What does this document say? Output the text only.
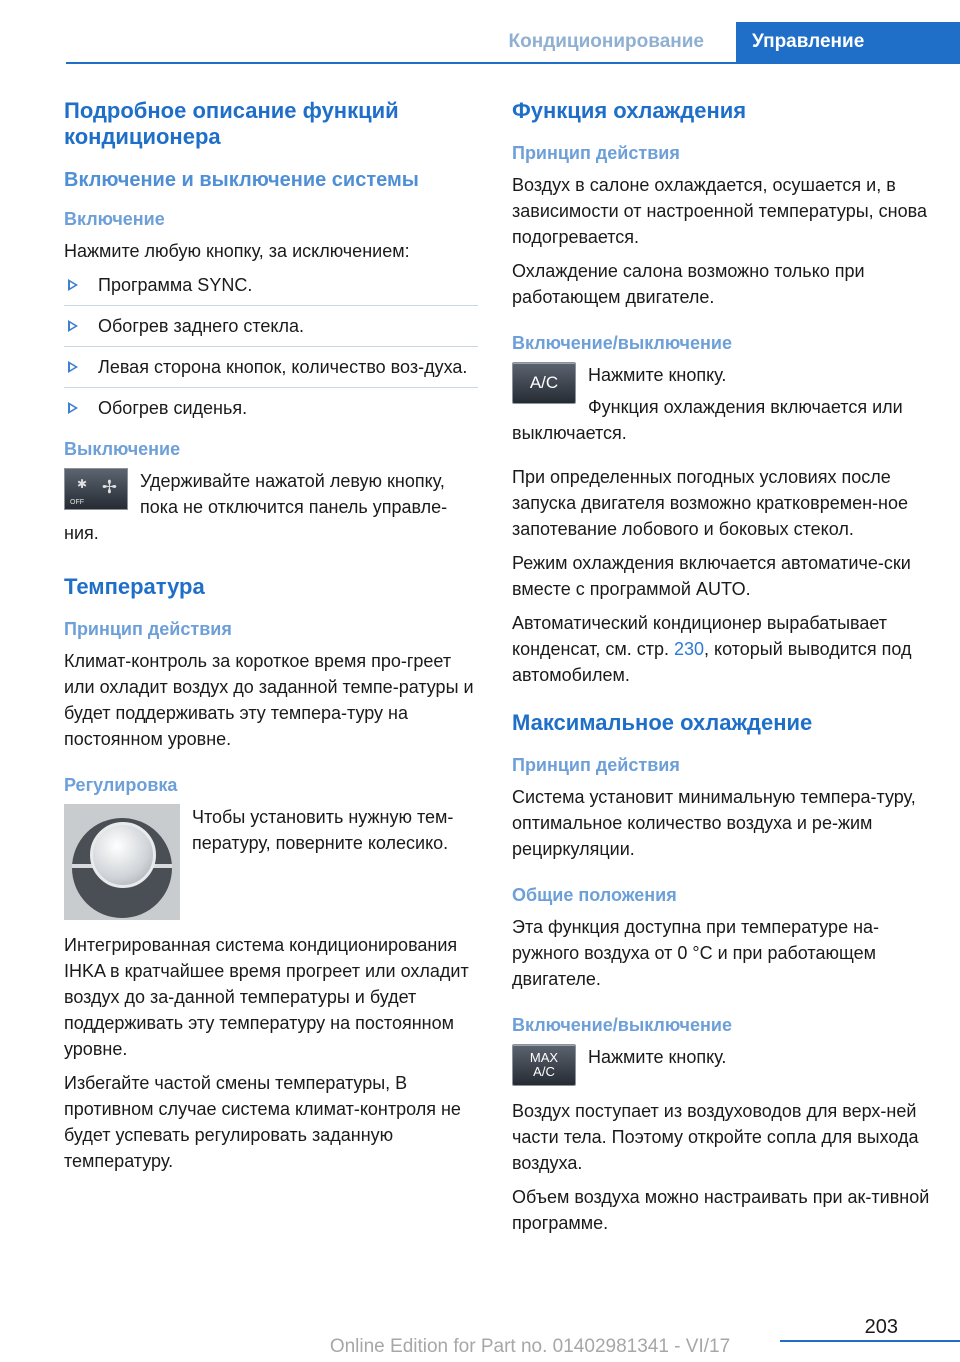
Кондиционирование	Управление
Подробное описание функций кондиционера
Включение и выключение системы
Включение

Нажмите любую кнопку, за исключением:

Программа SYNC.
Обогрев заднего стекла.
Левая сторона кнопок, количество воз-духа.
Обогрев сиденья.
Выключение
✱ ✢
OFF

Удерживайте нажатой левую кнопку, пока не отключится панель управле-ния.

Температура
Принцип действия

Климат-контроль за короткое время про-греет или охладит воздух до заданной темпе-ратуры и будет поддерживать эту темпера-туру на постоянном уровне.

Регулировка

Чтобы установить нужную тем-пературу, поверните колесико.

Интегрированная система кондиционирования IHKA в кратчайшее время прогреет или охладит воздух до за-данной температуры и будет поддерживать эту температуру на постоянном уровне.

Избегайте частой смены температуры, В противном случае система климат-контроля не будет успевать регулировать заданную температуру.

Функция охлаждения
Принцип действия

Воздух в салоне охлаждается, осушается и, в зависимости от настроенной температуры, снова подогревается.

Охлаждение салона возможно только при работающем двигателе.

Включение/выключение
A/C	Нажмите кнопку.

Функция охлаждения включается или выключается.

При определенных погодных условиях после запуска двигателя возможно кратковремен-ное запотевание лобового и боковых стекол.

Режим охлаждения включается автоматиче-ски вместе с программой AUTO.

Автоматический кондиционер вырабатывает конденсат, см. стр. 230, который выводится под автомобилем.

Максимальное охлаждение
Принцип действия

Система установит минимальную темпера-туру, оптимальное количество воздуха и ре-жим рециркуляции.

Общие положения

Эта функция доступна при температуре на-ружного воздуха от 0 °C и при работающем двигателе.

Включение/выключение
MAX
A/C

Нажмите кнопку.

Воздух поступает из воздуховодов для верх-ней части тела. Поэтому откройте сопла для выхода воздуха.

Объем воздуха можно настраивать при ак-тивной программе.

203
Online Edition for Part no. 01402981341 - VI/17
